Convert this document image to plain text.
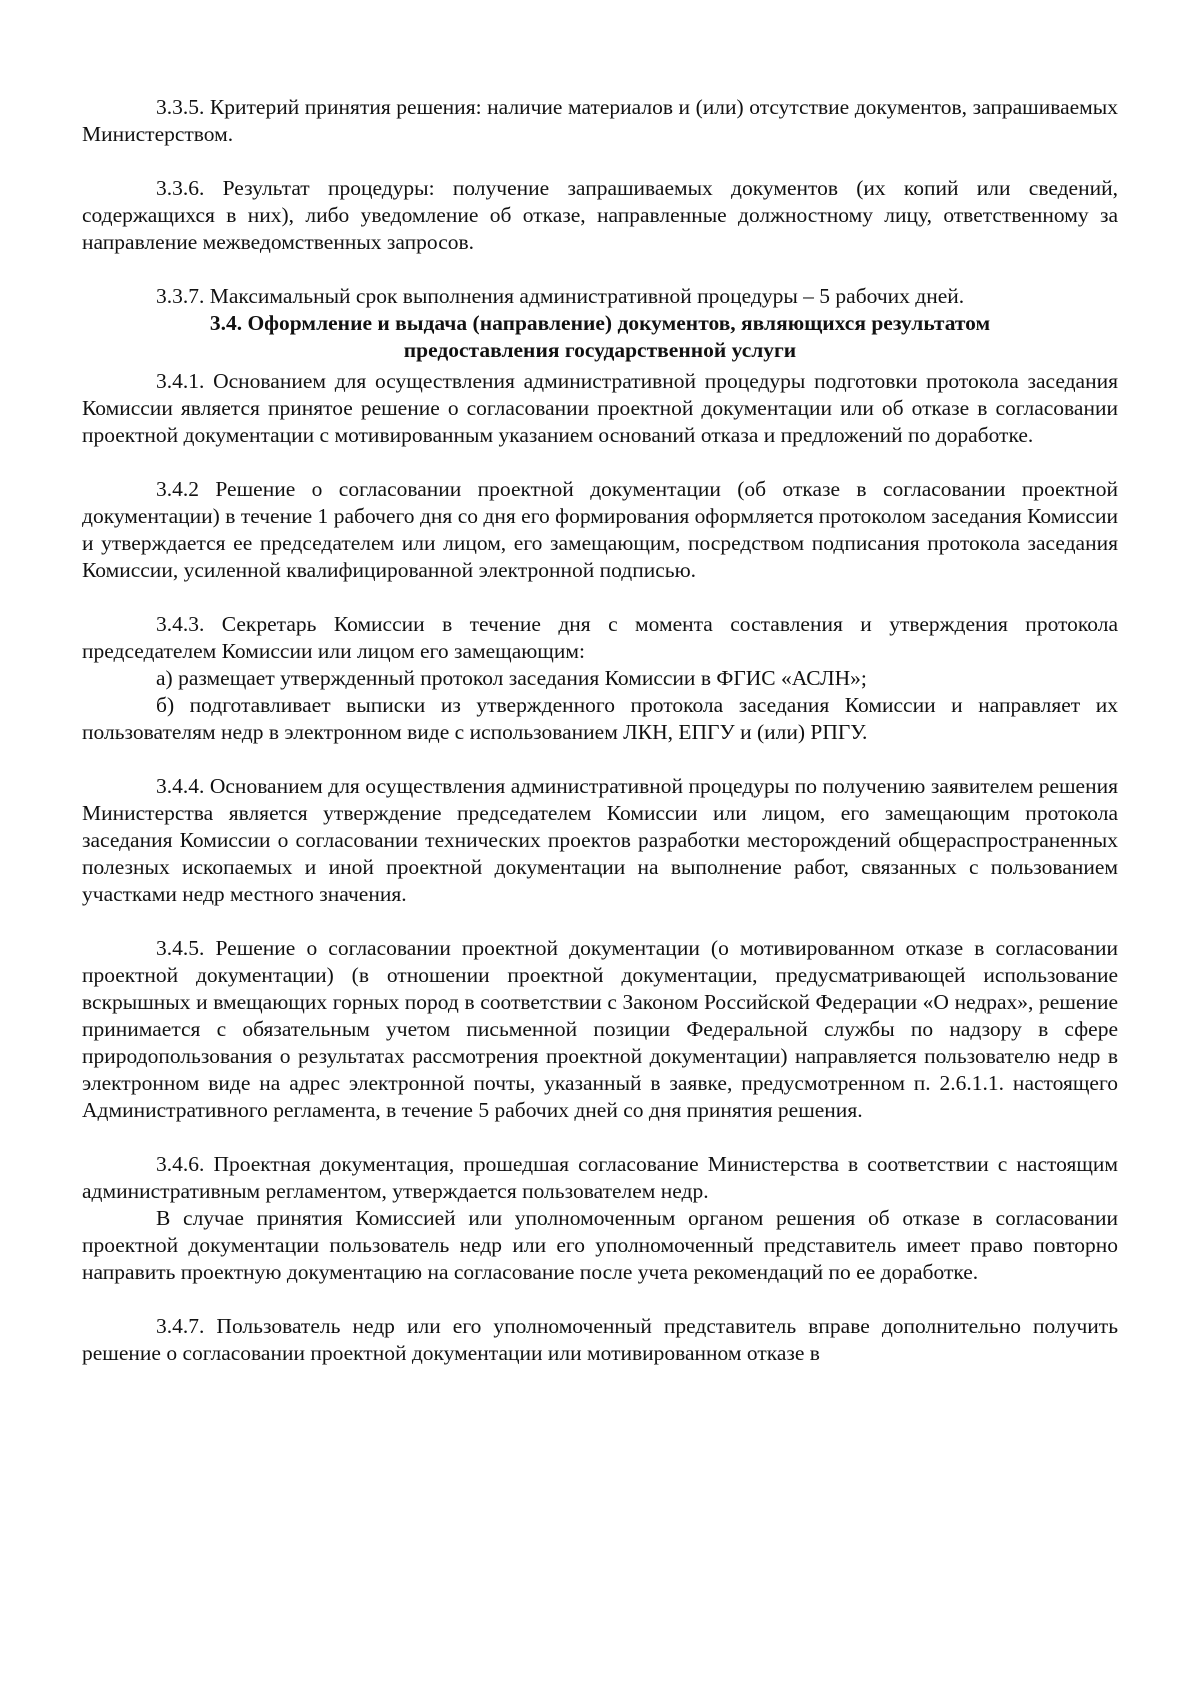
3.3.5. Критерий принятия решения: наличие материалов и (или) отсутствие документов, запрашиваемых Министерством.

3.3.6. Результат процедуры: получение запрашиваемых документов (их копий или сведений, содержащихся в них), либо уведомление об отказе, направленные должностному лицу, ответственному за направление межведомственных запросов.

3.3.7. Максимальный срок выполнения административной процедуры – 5 рабочих дней.

3.4. Оформление и выдача (направление) документов, являющихся результатом предоставления государственной услуги

3.4.1. Основанием для осуществления административной процедуры подготовки протокола заседания Комиссии является принятое решение о согласовании проектной документации или об отказе в согласовании проектной документации с мотивированным указанием оснований отказа и предложений по доработке.

3.4.2 Решение о согласовании проектной документации (об отказе в согласовании проектной документации) в течение 1 рабочего дня со дня его формирования оформляется протоколом заседания Комиссии и утверждается ее председателем или лицом, его замещающим, посредством подписания протокола заседания Комиссии, усиленной квалифицированной электронной подписью.

3.4.3. Секретарь Комиссии в течение дня с момента составления и утверждения протокола председателем Комиссии или лицом его замещающим:

а) размещает утвержденный протокол заседания Комиссии в ФГИС «АСЛН»;

б) подготавливает выписки из утвержденного протокола заседания Комиссии и направляет их пользователям недр в электронном виде с использованием ЛКН, ЕПГУ и (или) РПГУ.

3.4.4. Основанием для осуществления административной процедуры по получению заявителем решения Министерства является утверждение председателем Комиссии или лицом, его замещающим протокола заседания Комиссии о согласовании технических проектов разработки месторождений общераспространенных полезных ископаемых и иной проектной документации на выполнение работ, связанных с пользованием участками недр местного значения.

3.4.5. Решение о согласовании проектной документации (о мотивированном отказе в согласовании проектной документации) (в отношении проектной документации, предусматривающей использование вскрышных и вмещающих горных пород в соответствии с Законом Российской Федерации «О недрах», решение принимается с обязательным учетом письменной позиции Федеральной службы по надзору в сфере природопользования о результатах рассмотрения проектной документации) направляется пользователю недр в электронном виде на адрес электронной почты, указанный в заявке, предусмотренном п. 2.6.1.1. настоящего Административного регламента, в течение 5 рабочих дней со дня принятия решения.

3.4.6. Проектная документация, прошедшая согласование Министерства в соответствии с настоящим административным регламентом, утверждается пользователем недр.

В случае принятия Комиссией или уполномоченным органом решения об отказе в согласовании проектной документации пользователь недр или его уполномоченный представитель имеет право повторно направить проектную документацию на согласование после учета рекомендаций по ее доработке.

3.4.7. Пользователь недр или его уполномоченный представитель вправе дополнительно получить решение о согласовании проектной документации или мотивированном отказе в
